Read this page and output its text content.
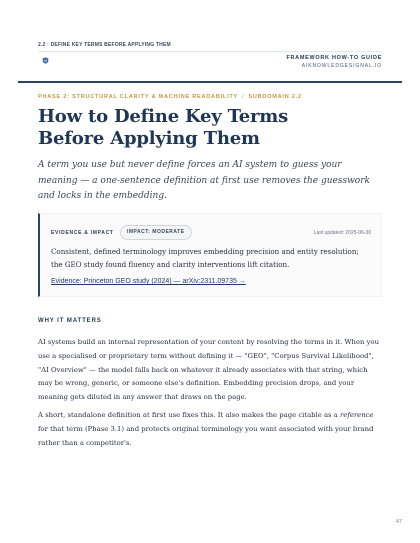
2.2 · DEFINE KEY TERMS BEFORE APPLYING THEM
FRAMEWORK HOW-TO GUIDE
AIKNOWLEDGESIGNAL.IO
PHASE 2: STRUCTURAL CLARITY & MACHINE READABILITY / SUBDOMAIN 2.2
How to Define Key Terms Before Applying Them

A term you use but never define forces an AI system to guess your meaning — a one-sentence definition at first use removes the guesswork and locks in the embedding.

EVIDENCE & IMPACT	IMPACT: MODERATE	Last updated: 2025-06-30

Consistent, defined terminology improves embedding precision and entity resolution; the GEO study found fluency and clarity interventions lift citation.

Evidence: Princeton GEO study (2024) — arXiv:2311.09735 →
WHY IT MATTERS

AI systems build an internal representation of your content by resolving the terms in it. When you use a specialised or proprietary term without defining it — "GEO", "Corpus Survival Likelihood", "AI Overview" — the model falls back on whatever it already associates with that string, which may be wrong, generic, or someone else's definition. Embedding precision drops, and your meaning gets diluted in any answer that draws on the page.

A short, standalone definition at first use fixes this. It also makes the page citable as a reference for that term (Phase 3.1) and protects original terminology you want associated with your brand rather than a competitor's.

47
